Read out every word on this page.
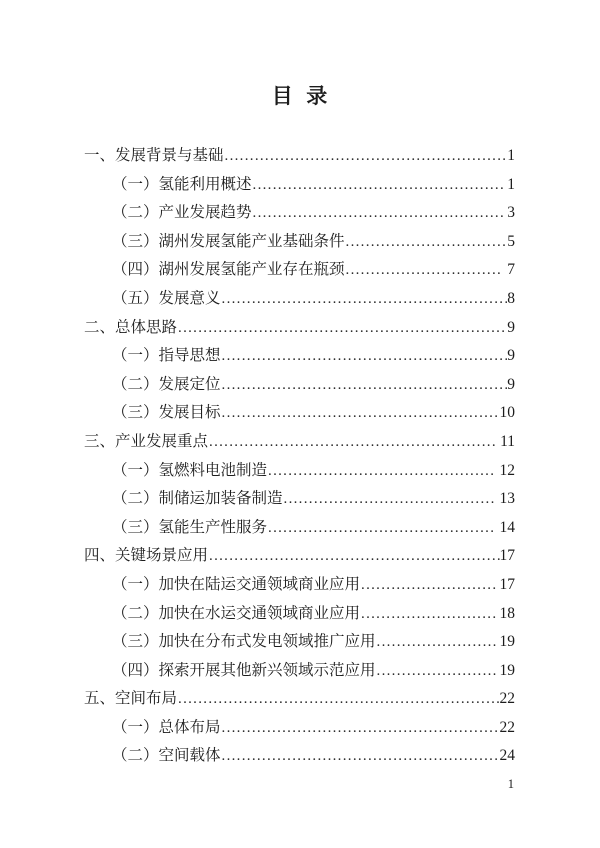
目  录
一、发展背景与基础 .....	1
（一）氢能利用概述 .....	1
（二）产业发展趋势 .....	3
（三）湖州发展氢能产业基础条件 .....	5
（四）湖州发展氢能产业存在瓶颈 .....	7
（五）发展意义 .....	8
二、总体思路 .....	9
（一）指导思想 .....	9
（二）发展定位 .....	9
（三）发展目标 .....	10
三、产业发展重点 .....	11
（一）氢燃料电池制造 .....	12
（二）制储运加装备制造 .....	13
（三）氢能生产性服务 .....	14
四、关键场景应用 .....	17
（一）加快在陆运交通领域商业应用 .....	17
（二）加快在水运交通领域商业应用 .....	18
（三）加快在分布式发电领域推广应用 .....	19
（四）探索开展其他新兴领域示范应用 .....	19
五、空间布局 .....	22
（一）总体布局 .....	22
（二）空间载体 .....	24
1
